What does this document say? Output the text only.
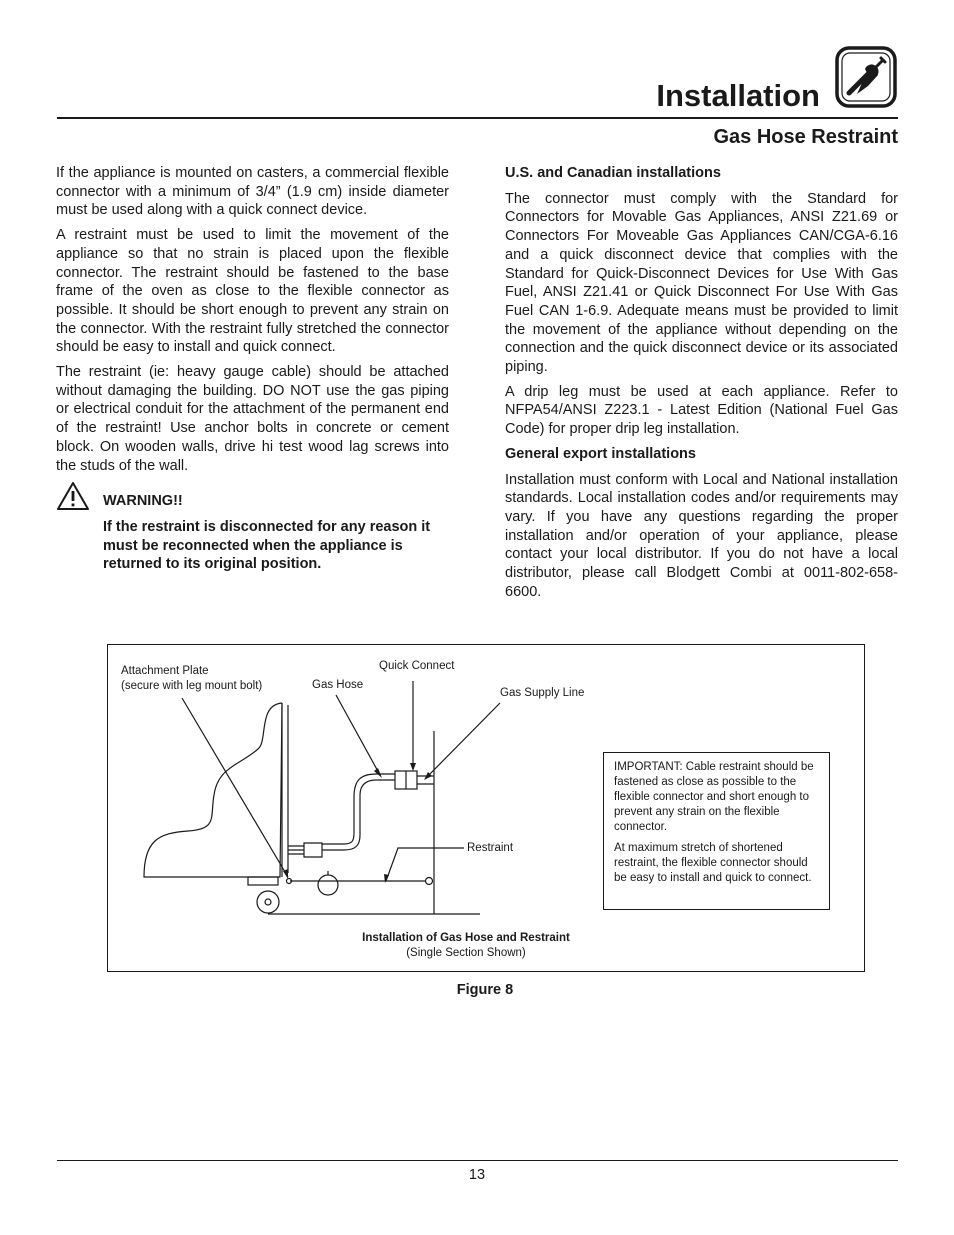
Installation
Gas Hose Restraint

If the appliance is mounted on casters, a commercial flexible connector with a minimum of 3/4” (1.9 cm) inside diameter must be used along with a quick connect device.

A restraint must be used to limit the movement of the appliance so that no strain is placed upon the flexible connector. The restraint should be fastened to the base frame of the oven as close to the flexible connector as possible. It should be short enough to prevent any strain on the connector. With the restraint fully stretched the connector should be easy to install and quick connect.

The restraint (ie: heavy gauge cable) should be attached without damaging the building. DO NOT use the gas piping or electrical conduit for the attachment of the permanent end of the restraint! Use anchor bolts in concrete or cement block. On wooden walls, drive hi test wood lag screws into the studs of the wall.

WARNING!!
If the restraint is disconnected for any reason it must be reconnected when the appliance is returned to its original position.

U.S. and Canadian installations

The connector must comply with the Standard for Connectors for Movable Gas Appliances, ANSI Z21.69 or Connectors For Moveable Gas Appliances CAN/CGA-6.16 and a quick disconnect device that complies with the Standard for Quick-Disconnect Devices for Use With Gas Fuel, ANSI Z21.41 or Quick Disconnect For Use With Gas Fuel CAN 1-6.9. Adequate means must be provided to limit the movement of the appliance without depending on the connection and the quick disconnect device or its associated piping.

A drip leg must be used at each appliance. Refer to NFPA54/ANSI Z223.1 - Latest Edition (National Fuel Gas Code) for proper drip leg installation.

General export installations

Installation must conform with Local and National installation standards. Local installation codes and/or requirements may vary. If you have any questions regarding the proper installation and/or operation of your appliance, please contact your local distributor. If you do not have a local distributor, please call Blodgett Combi at 0011-802-658-6600.

Attachment Plate
(secure with leg mount bolt)	Gas Hose
Quick Connect
Gas Supply Line
Restraint

IMPORTANT: Cable restraint should be fastened as close as possible to the flexible connector and short enough to prevent any strain on the flexible connector.

At maximum stretch of shortened restraint, the flexible connector should be easy to install and quick to connect.

Installation of Gas Hose and Restraint
(Single Section Shown)
Figure 8
13
